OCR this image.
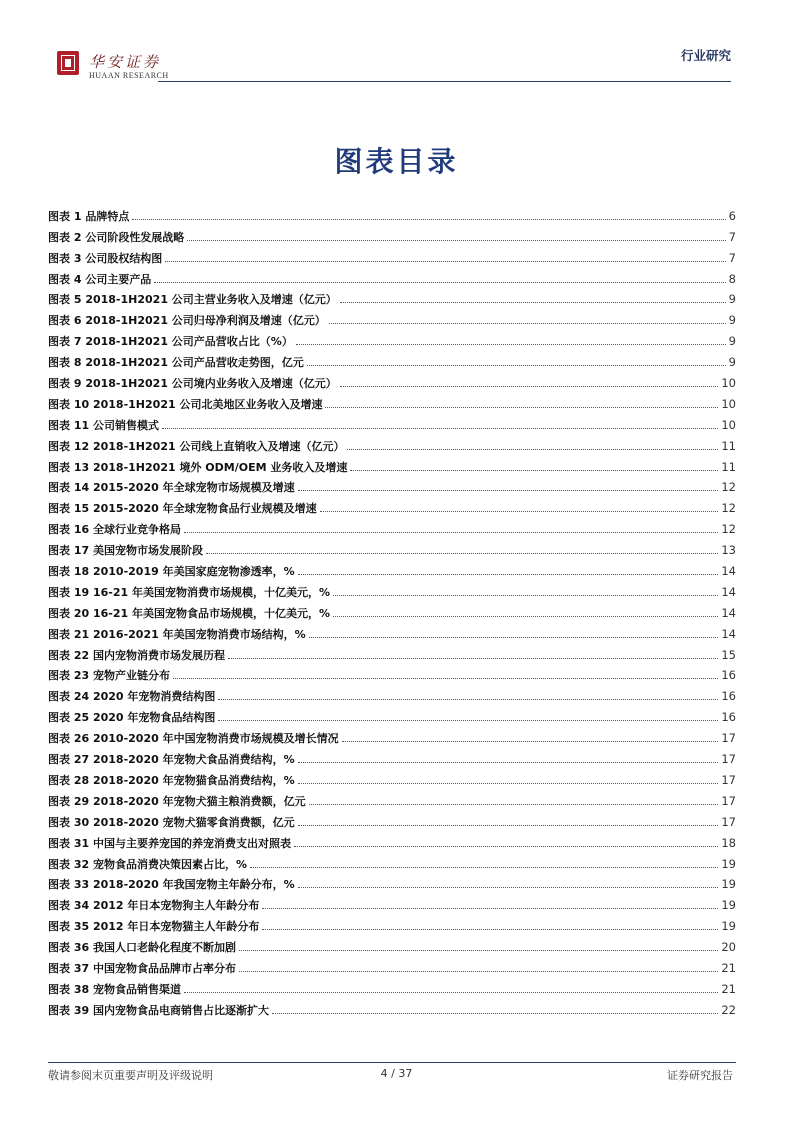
华安证券
HUAAN RESEARCH
行业研究
图表目录
图表 1 品牌特点	6
图表 2 公司阶段性发展战略	7
图表 3 公司股权结构图	7
图表 4 公司主要产品	8
图表 5 2018-1H2021 公司主营业务收入及增速（亿元）	9
图表 6 2018-1H2021 公司归母净利润及增速（亿元）	9
图表 7 2018-1H2021 公司产品营收占比（%）	9
图表 8 2018-1H2021 公司产品营收走势图，亿元	9
图表 9 2018-1H2021 公司境内业务收入及增速（亿元）	10
图表 10 2018-1H2021 公司北美地区业务收入及增速	10
图表 11 公司销售模式	10
图表 12 2018-1H2021 公司线上直销收入及增速（亿元）	11
图表 13 2018-1H2021 境外 ODM/OEM 业务收入及增速	11
图表 14 2015-2020 年全球宠物市场规模及增速	12
图表 15 2015-2020 年全球宠物食品行业规模及增速	12
图表 16 全球行业竞争格局	12
图表 17 美国宠物市场发展阶段	13
图表 18 2010-2019 年美国家庭宠物渗透率，%	14
图表 19 16-21 年美国宠物消费市场规模，十亿美元，%	14
图表 20 16-21 年美国宠物食品市场规模，十亿美元，%	14
图表 21 2016-2021 年美国宠物消费市场结构，%	14
图表 22 国内宠物消费市场发展历程	15
图表 23 宠物产业链分布	16
图表 24 2020 年宠物消费结构图	16
图表 25 2020 年宠物食品结构图	16
图表 26 2010-2020 年中国宠物消费市场规模及增长情况	17
图表 27 2018-2020 年宠物犬食品消费结构，%	17
图表 28 2018-2020 年宠物猫食品消费结构，%	17
图表 29 2018-2020 年宠物犬猫主粮消费额，亿元	17
图表 30 2018-2020 宠物犬猫零食消费额，亿元	17
图表 31 中国与主要养宠国的养宠消费支出对照表	18
图表 32 宠物食品消费决策因素占比，%	19
图表 33 2018-2020 年我国宠物主年龄分布，%	19
图表 34 2012 年日本宠物狗主人年龄分布	19
图表 35 2012 年日本宠物猫主人年龄分布	19
图表 36 我国人口老龄化程度不断加剧	20
图表 37 中国宠物食品品牌市占率分布	21
图表 38 宠物食品销售渠道	21
图表 39 国内宠物食品电商销售占比逐渐扩大	22
敬请参阅末页重要声明及评级说明	4 / 37	证券研究报告
